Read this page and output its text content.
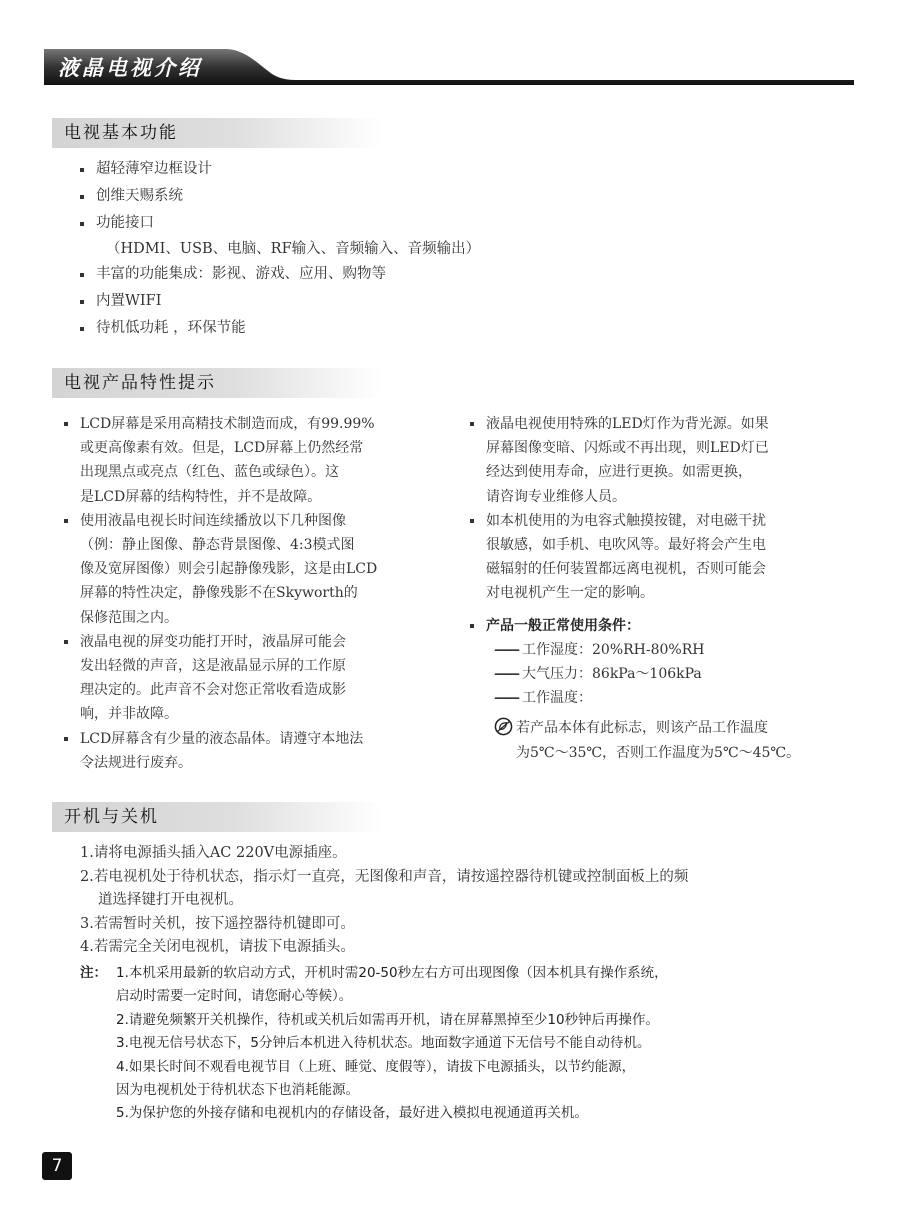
液晶电视介绍
电视基本功能
超轻薄窄边框设计
创维天赐系统
功能接口
（HDMI、USB、电脑、RF输入、音频输入、音频输出）
丰富的功能集成：影视、游戏、应用、购物等
内置WIFI
待机低功耗 ，环保节能
电视产品特性提示
LCD屏幕是采用高精技术制造而成，有99.99%
或更高像素有效。但是，LCD屏幕上仍然经常
出现黑点或亮点（红色、蓝色或绿色）。这
是LCD屏幕的结构特性，并不是故障。
使用液晶电视长时间连续播放以下几种图像
（例：静止图像、静态背景图像、4:3模式图
像及宽屏图像）则会引起静像残影，这是由LCD
屏幕的特性决定，静像残影不在Skyworth的
保修范围之内。
液晶电视的屏变功能打开时，液晶屏可能会
发出轻微的声音，这是液晶显示屏的工作原
理决定的。此声音不会对您正常收看造成影
响，并非故障。
LCD屏幕含有少量的液态晶体。请遵守本地法
令法规进行废弃。
液晶电视使用特殊的LED灯作为背光源。如果
屏幕图像变暗、闪烁或不再出现，则LED灯已
经达到使用寿命，应进行更换。如需更换，
请咨询专业维修人员。
如本机使用的为电容式触摸按键，对电磁干扰
很敏感，如手机、电吹风等。最好将会产生电
磁辐射的任何装置都远离电视机，否则可能会
对电视机产生一定的影响。
产品一般正常使用条件：
—— 工作湿度：20%RH-80%RH
—— 大气压力：86kPa～106kPa
—— 工作温度：
若产品本体有此标志，则该产品工作温度
为5℃～35℃，否则工作温度为5℃～45℃。
开机与关机
1.请将电源插头插入AC 220V电源插座。
2.若电视机处于待机状态，指示灯一直亮，无图像和声音，请按遥控器待机键或控制面板上的频
道选择键打开电视机。
3.若需暂时关机，按下遥控器待机键即可。
4.若需完全关闭电视机，请拔下电源插头。
注： 1.本机采用最新的软启动方式，开机时需20-50秒左右方可出现图像（因本机具有操作系统，
启动时需要一定时间，请您耐心等候）。
2.请避免频繁开关机操作，待机或关机后如需再开机，请在屏幕黑掉至少10秒钟后再操作。
3.电视无信号状态下，5分钟后本机进入待机状态。地面数字通道下无信号不能自动待机。
4.如果长时间不观看电视节目（上班、睡觉、度假等），请拔下电源插头，以节约能源，
因为电视机处于待机状态下也消耗能源。
5.为保护您的外接存储和电视机内的存储设备，最好进入模拟电视通道再关机。
7
